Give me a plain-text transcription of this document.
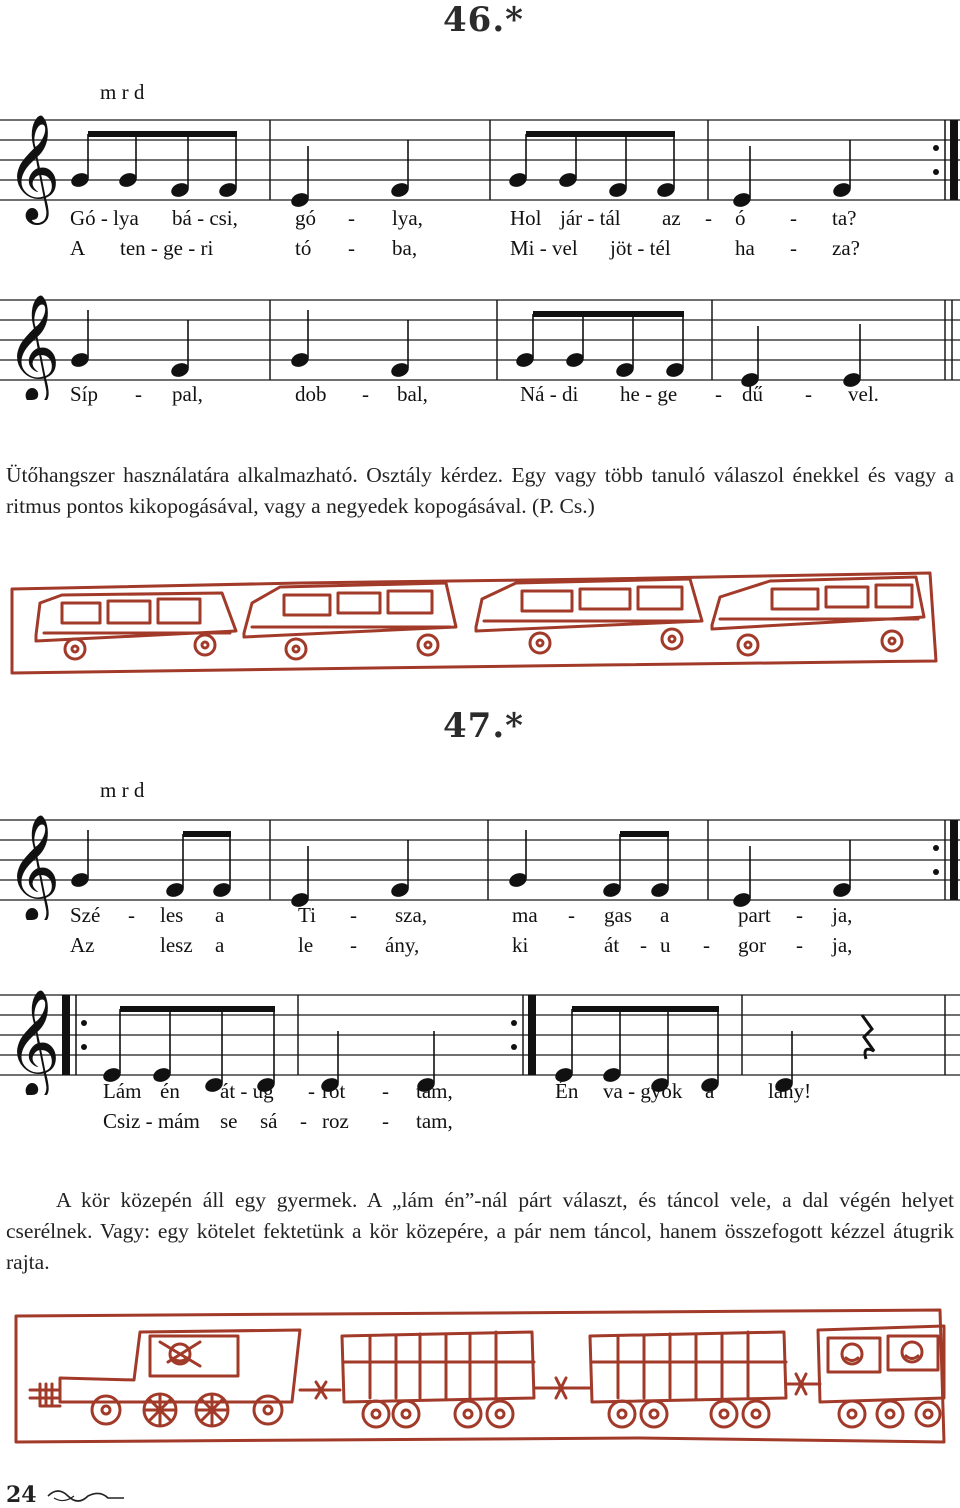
46.*
m r d
𝄞 Gó - lya bá - csi,	gó - lya,	Hol jár - tál az - ó - ta?
A ten - ge - ri	tó - ba,	Mi - vel jöt - tél	ha - za?
𝄞 Síp - pal,	dob - bal,	Ná - di he - ge - dű - vel.
Ütőhangszer használatára alkalmazható. Osztály kérdez. Egy vagy több tanuló válaszol énekkel és vagy a ritmus pontos kikopogásával, vagy a negyedek kopogásával. (P. Cs.)
47.*
m r d
𝄞 Szé - les a	Ti - sza,	ma - gas a	part - ja,
Az	lesz a	le - ány,	ki	át - u - gor - ja,
𝄞 Lám én át - ug - rot - tam,	Én va - gyok a	lány!
Csiz - mám se sá - roz - tam,
A kör közepén áll egy gyermek. A „lám én”-nál párt választ, és táncol vele, a dal végén helyet cserélnek. Vagy: egy kötelet fektetünk a kör közepére, a pár nem táncol, hanem összefogott kézzel átugrik rajta.
24
